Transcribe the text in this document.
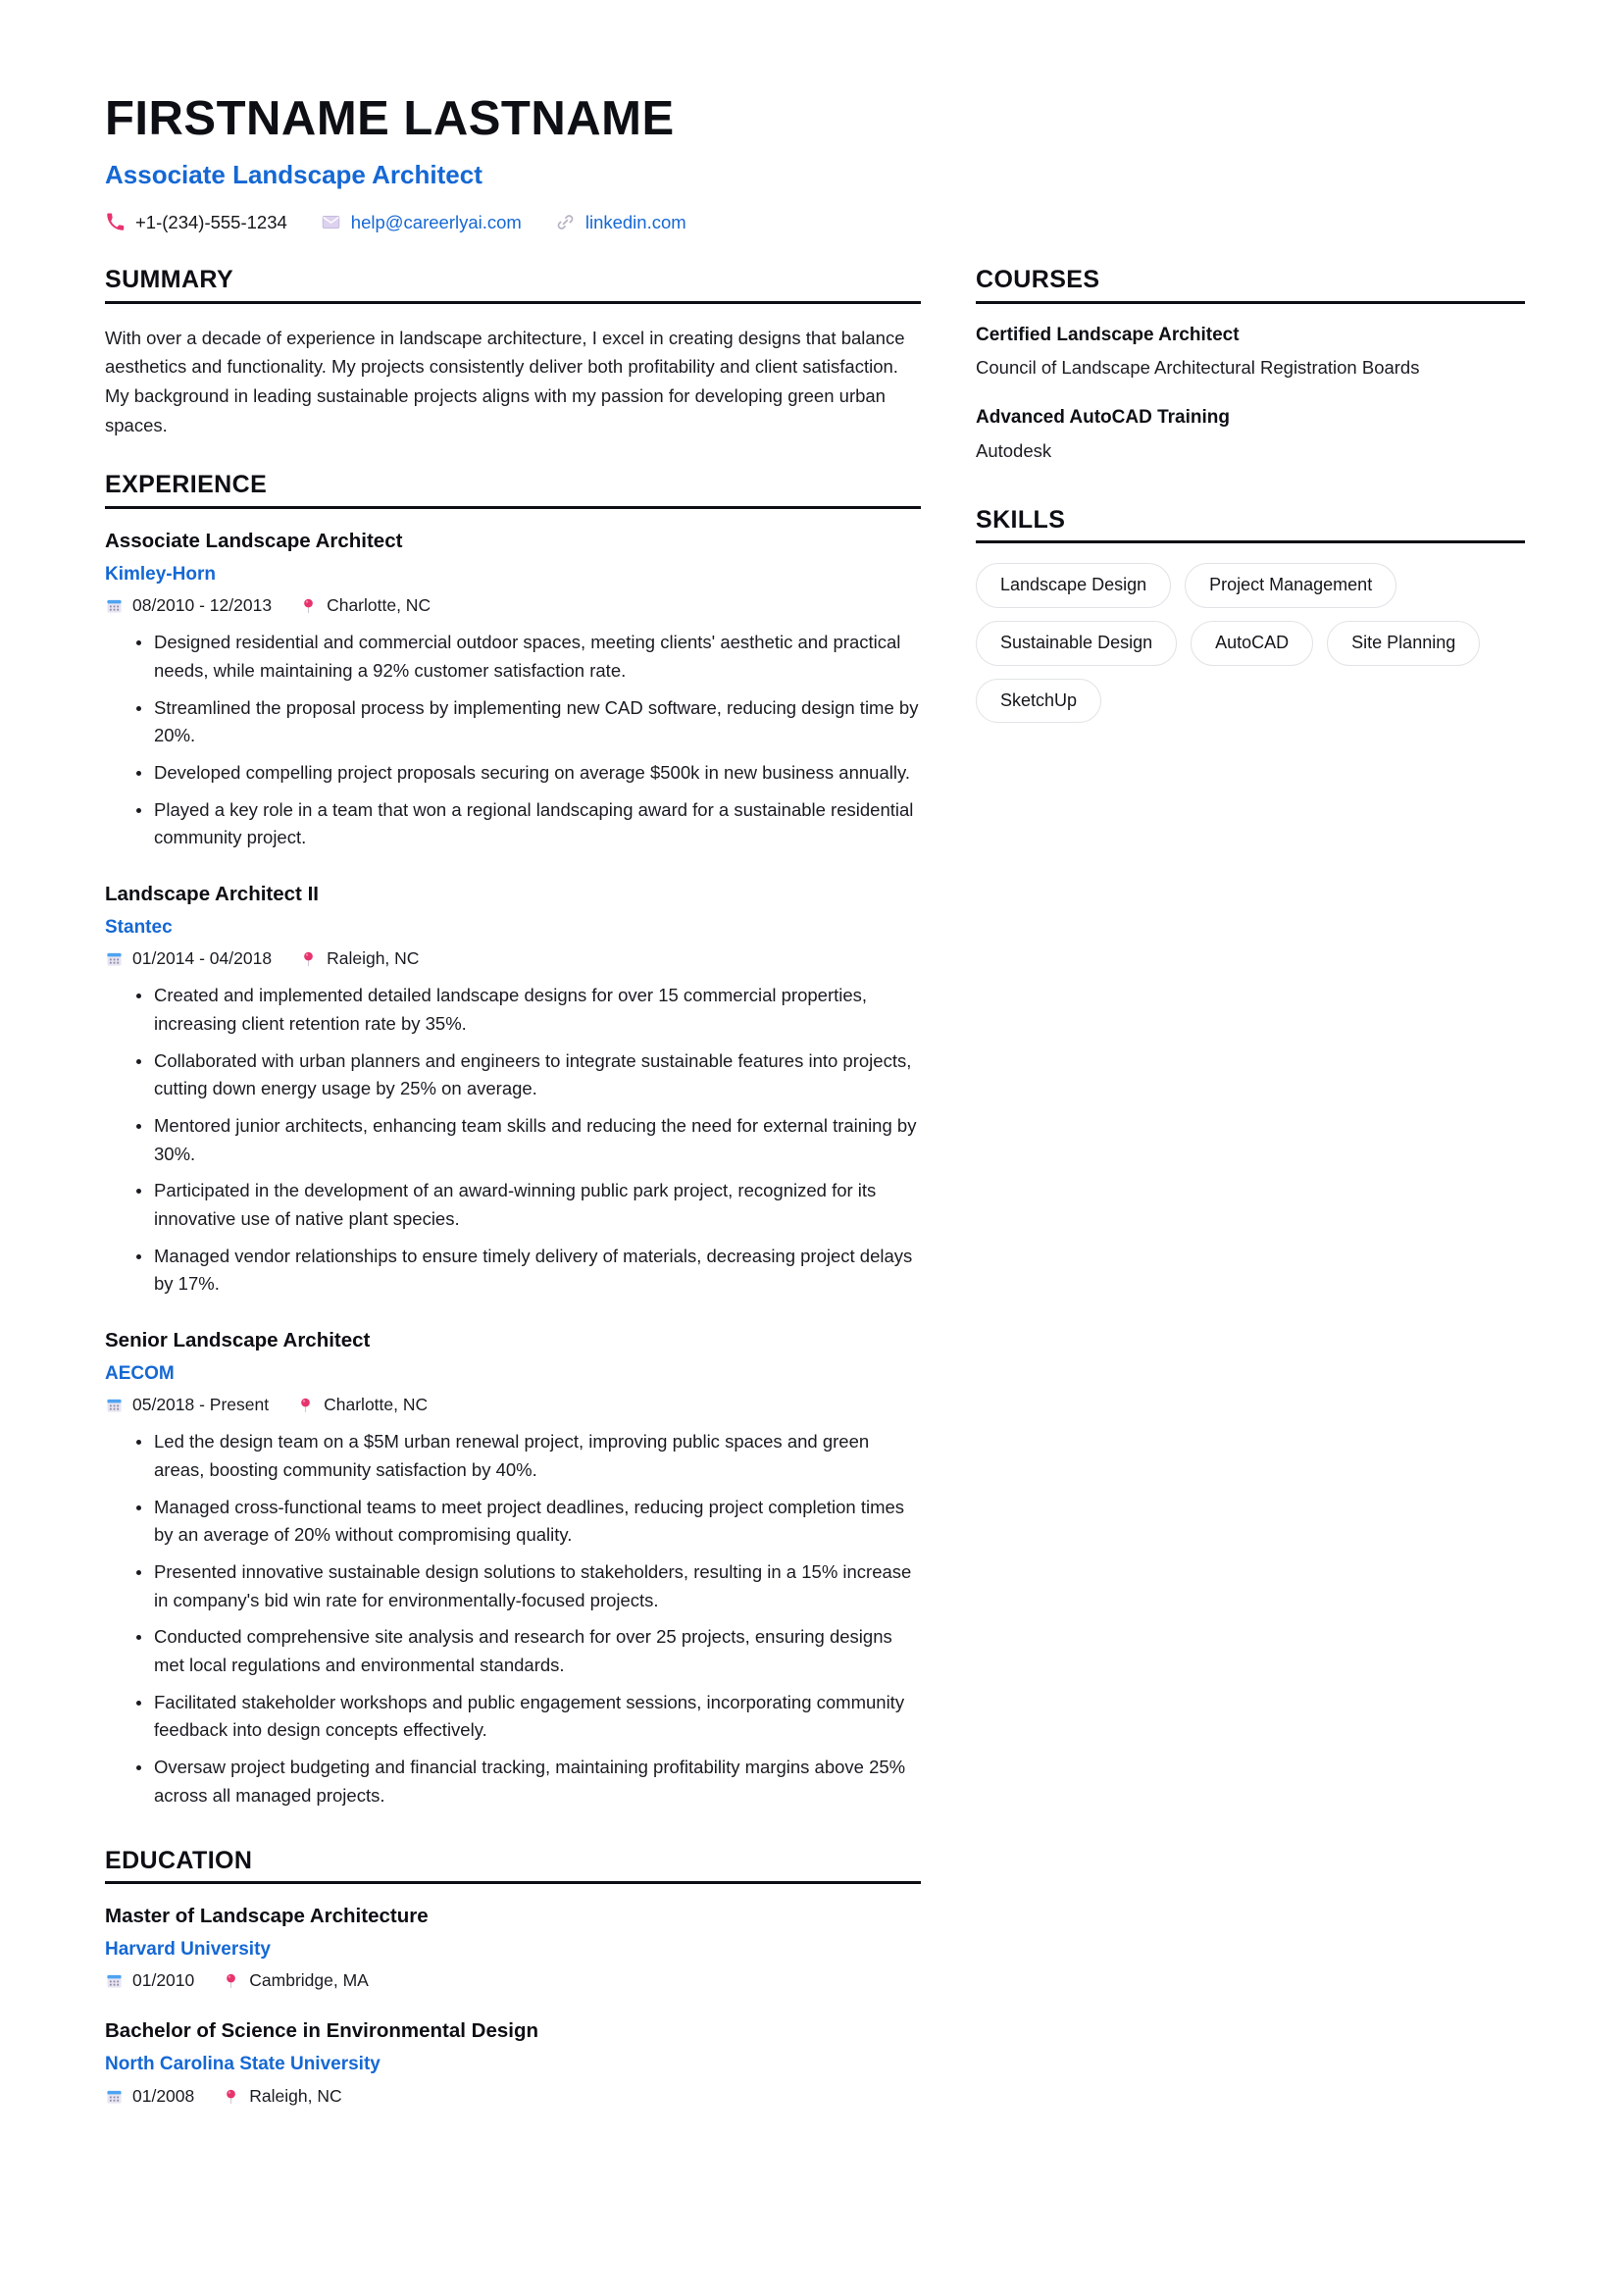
FIRSTNAME LASTNAME
Associate Landscape Architect
+1-(234)-555-1234	help@careerlyai.com	linkedin.com
SUMMARY

With over a decade of experience in landscape architecture, I excel in creating designs that balance aesthetics and functionality. My projects consistently deliver both profitability and client satisfaction. My background in leading sustainable projects aligns with my passion for developing green urban spaces.

EXPERIENCE
Associate Landscape Architect
Kimley-Horn
08/2010 - 12/2013	Charlotte, NC
Designed residential and commercial outdoor spaces, meeting clients' aesthetic and practical needs, while maintaining a 92% customer satisfaction rate.
Streamlined the proposal process by implementing new CAD software, reducing design time by 20%.
Developed compelling project proposals securing on average $500k in new business annually.
Played a key role in a team that won a regional landscaping award for a sustainable residential community project.
Landscape Architect II
Stantec
01/2014 - 04/2018	Raleigh, NC
Created and implemented detailed landscape designs for over 15 commercial properties, increasing client retention rate by 35%.
Collaborated with urban planners and engineers to integrate sustainable features into projects, cutting down energy usage by 25% on average.
Mentored junior architects, enhancing team skills and reducing the need for external training by 30%.
Participated in the development of an award-winning public park project, recognized for its innovative use of native plant species.
Managed vendor relationships to ensure timely delivery of materials, decreasing project delays by 17%.
Senior Landscape Architect
AECOM
05/2018 - Present	Charlotte, NC
Led the design team on a $5M urban renewal project, improving public spaces and green areas, boosting community satisfaction by 40%.
Managed cross-functional teams to meet project deadlines, reducing project completion times by an average of 20% without compromising quality.
Presented innovative sustainable design solutions to stakeholders, resulting in a 15% increase in company's bid win rate for environmentally-focused projects.
Conducted comprehensive site analysis and research for over 25 projects, ensuring designs met local regulations and environmental standards.
Facilitated stakeholder workshops and public engagement sessions, incorporating community feedback into design concepts effectively.
Oversaw project budgeting and financial tracking, maintaining profitability margins above 25% across all managed projects.
EDUCATION
Master of Landscape Architecture
Harvard University
01/2010	Cambridge, MA
Bachelor of Science in Environmental Design
North Carolina State University
01/2008	Raleigh, NC
COURSES
Certified Landscape Architect

Council of Landscape Architectural Registration Boards

Advanced AutoCAD Training

Autodesk

SKILLS
Landscape Design	Project Management
Sustainable Design	AutoCAD	Site Planning
SketchUp
